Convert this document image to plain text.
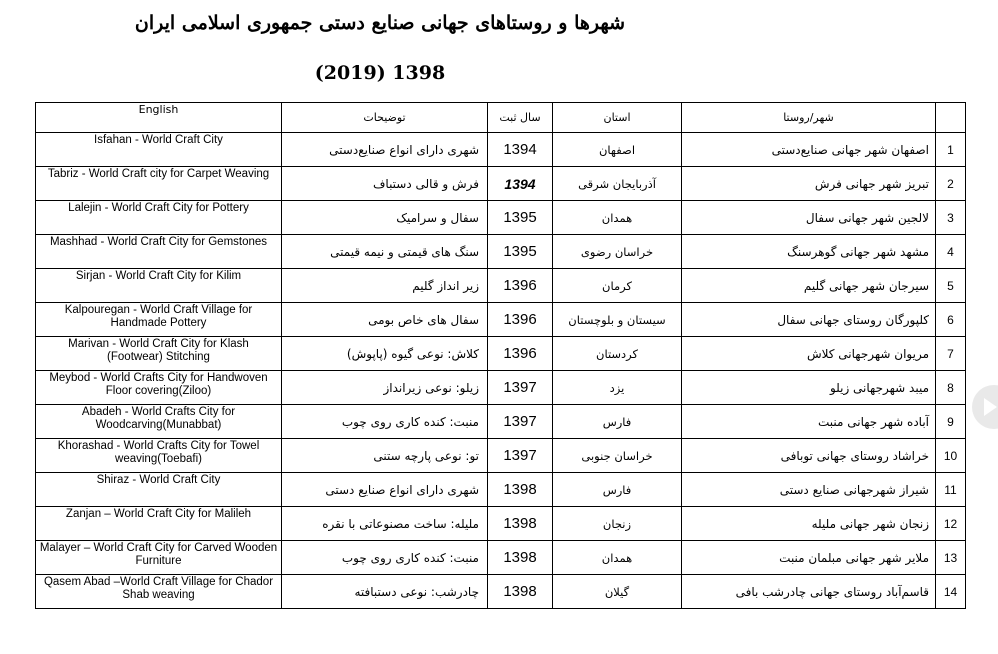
شهرها و روستاهای جهانی صنایع دستی جمهوری اسلامی ایران
1398 (2019)
English	توضیحات	سال ثبت	استان	شهر/روستا	
Isfahan - World Craft City	شهری دارای انواع صنایع‌دستی	1394	اصفهان	اصفهان شهر جهانی صنایع‌دستی	1
Tabriz - World Craft city for Carpet Weaving	فرش و قالی دستباف	1394	آذربایجان شرقی	تبریز شهر جهانی فرش	2
Lalejin - World Craft City for Pottery	سفال و سرامیک	1395	همدان	لالجین شهر جهانی سفال	3
Mashhad - World Craft City for Gemstones	سنگ های قیمتی و نیمه قیمتی	1395	خراسان رضوی	مشهد شهر جهانی گوهرسنگ	4
Sirjan - World Craft City for Kilim	زیر انداز گلیم	1396	کرمان	سیرجان شهر جهانی گلیم	5
Kalpouregan - World Craft Village for Handmade Pottery	سفال های خاص بومی	1396	سیستان و بلوچستان	کلپورگان روستای جهانی سفال	6
Marivan - World Craft City for Klash (Footwear) Stitching	کلاش: نوعی گیوه (پاپوش)	1396	کردستان	مریوان شهرجهانی کلاش	7
Meybod - World Crafts City for Handwoven Floor covering(Ziloo)	زیلو: نوعی زیرانداز	1397	یزد	میبد شهرجهانی زیلو	8
Abadeh - World Crafts City for Woodcarving(Munabbat)	منبت: کنده کاری روی چوب	1397	فارس	آباده شهر جهانی منبت	9
Khorashad - World Crafts City for Towel weaving(Toebafi)	تو: نوعی پارچه ستنی	1397	خراسان جنوبی	خراشاد روستای جهانی توبافی	10
Shiraz - World Craft City	شهری دارای انواع صنایع دستی	1398	فارس	شیراز شهرجهانی صنایع دستی	11
Zanjan – World Craft City for Malileh	ملیله: ساخت مصنوعاتی با نقره	1398	زنجان	زنجان شهر جهانی ملیله	12
Malayer – World Craft City for Carved Wooden Furniture	منبت: کنده کاری روی چوب	1398	همدان	ملایر شهر جهانی مبلمان منبت	13
Qasem Abad –World Craft Village for Chador Shab weaving	چادرشب: نوعی دستبافته	1398	گیلان	قاسم‌آباد روستای جهانی چادرشب بافی	14
